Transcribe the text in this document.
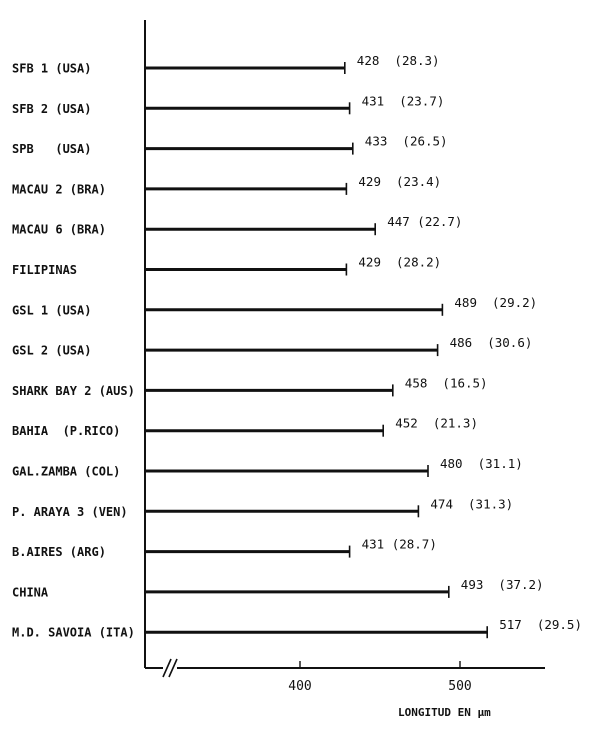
SFB 1 (USA)
428  (28.3)
SFB 2 (USA)
431  (23.7)
SPB   (USA)
433  (26.5)
MACAU 2 (BRA)
429  (23.4)
MACAU 6 (BRA)
447 (22.7)
FILIPINAS
429  (28.2)
GSL 1 (USA)
489  (29.2)
GSL 2 (USA)
486  (30.6)
SHARK BAY 2 (AUS)
458  (16.5)
BAHIA  (P.RICO)
452  (21.3)
GAL.ZAMBA (COL)
480  (31.1)
P. ARAYA 3 (VEN)
474  (31.3)
B.AIRES (ARG)
431 (28.7)
CHINA
493  (37.2)
M.D. SAVOIA (ITA)
517  (29.5)
400	500
LONGITUD EN µm
